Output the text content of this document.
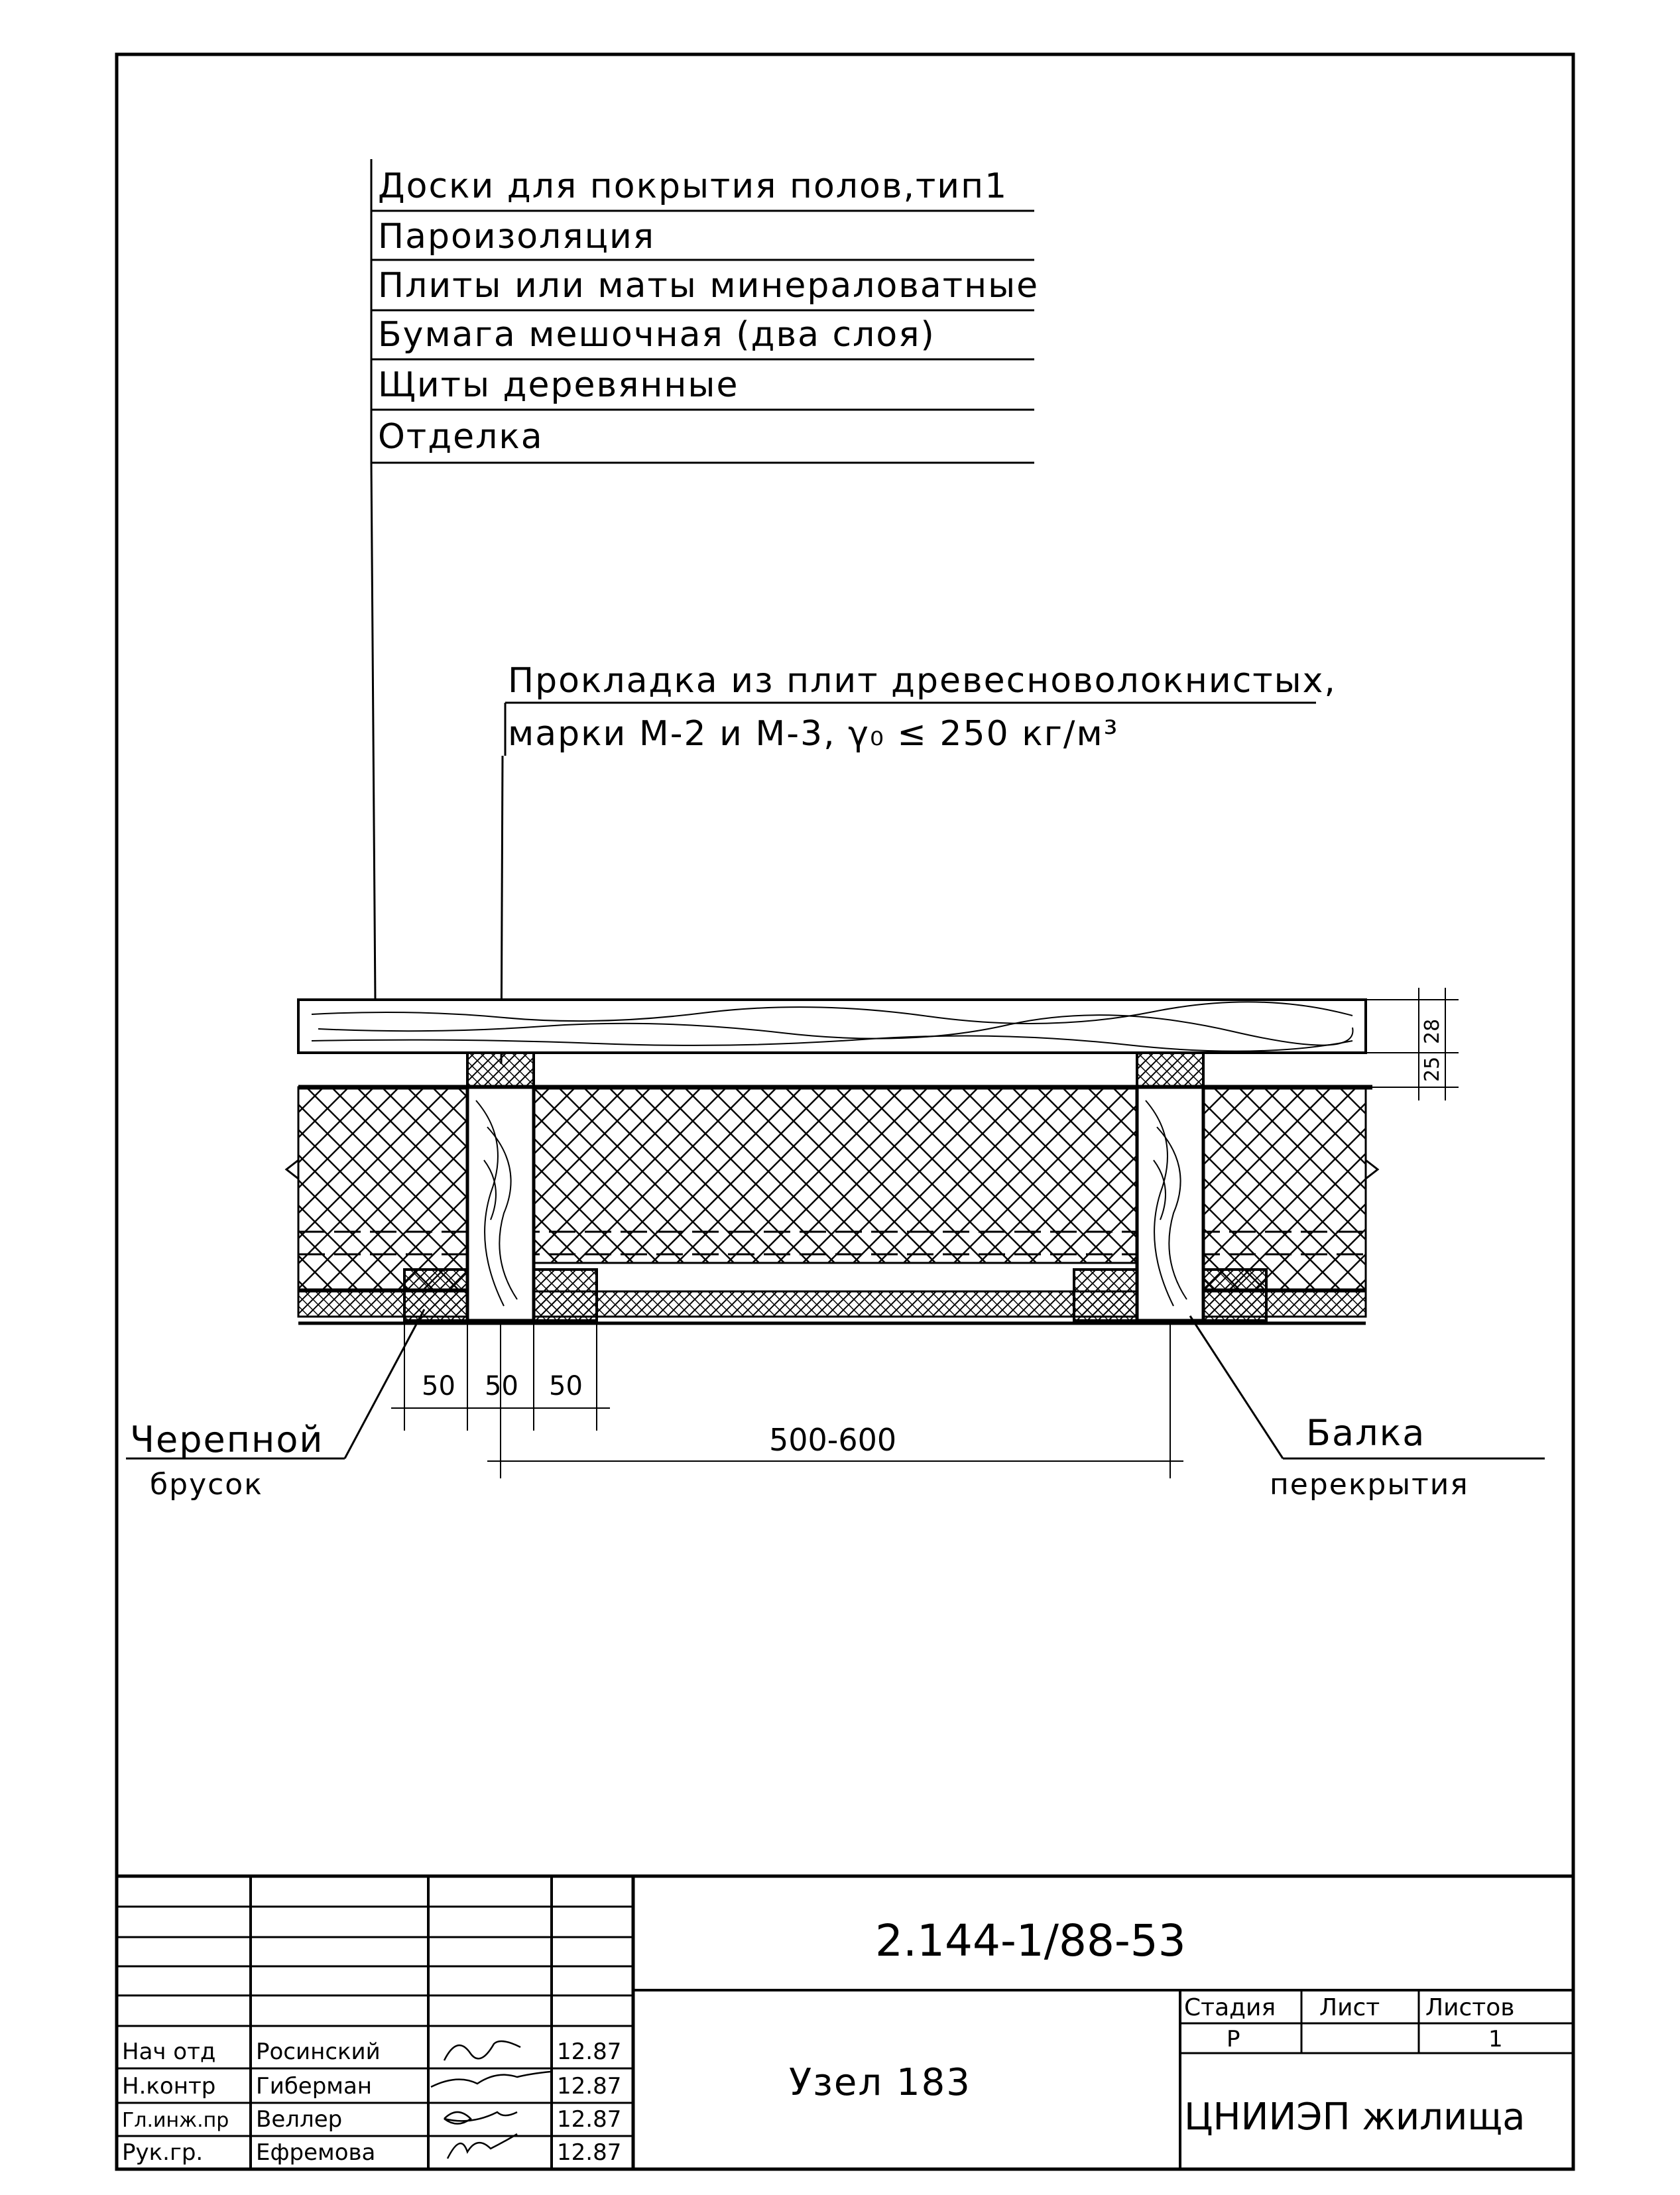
Доски для покрытия полов,тип1
Пароизоляция
Плиты или маты минераловатные
Бумага мешочная (два слоя)
Щиты деревянные
Отделка
Прокладка из плит древесноволокнистых,
марки М-2 и М-3, γ₀ ≤ 250 кг/м³
25
28
50 50 50
500-600
Черепной
брусок
Балка
перекрытия
2.144-1/88-53
Узел 183
Стадия Лист Листов
Р	1
ЦНИИЭП жилища
Нач отд
Н.контр
Гл.инж.пр
Рук.гр.
Росинский
Гиберман
Веллер
Ефремова
12.87
12.87
12.87
12.87
